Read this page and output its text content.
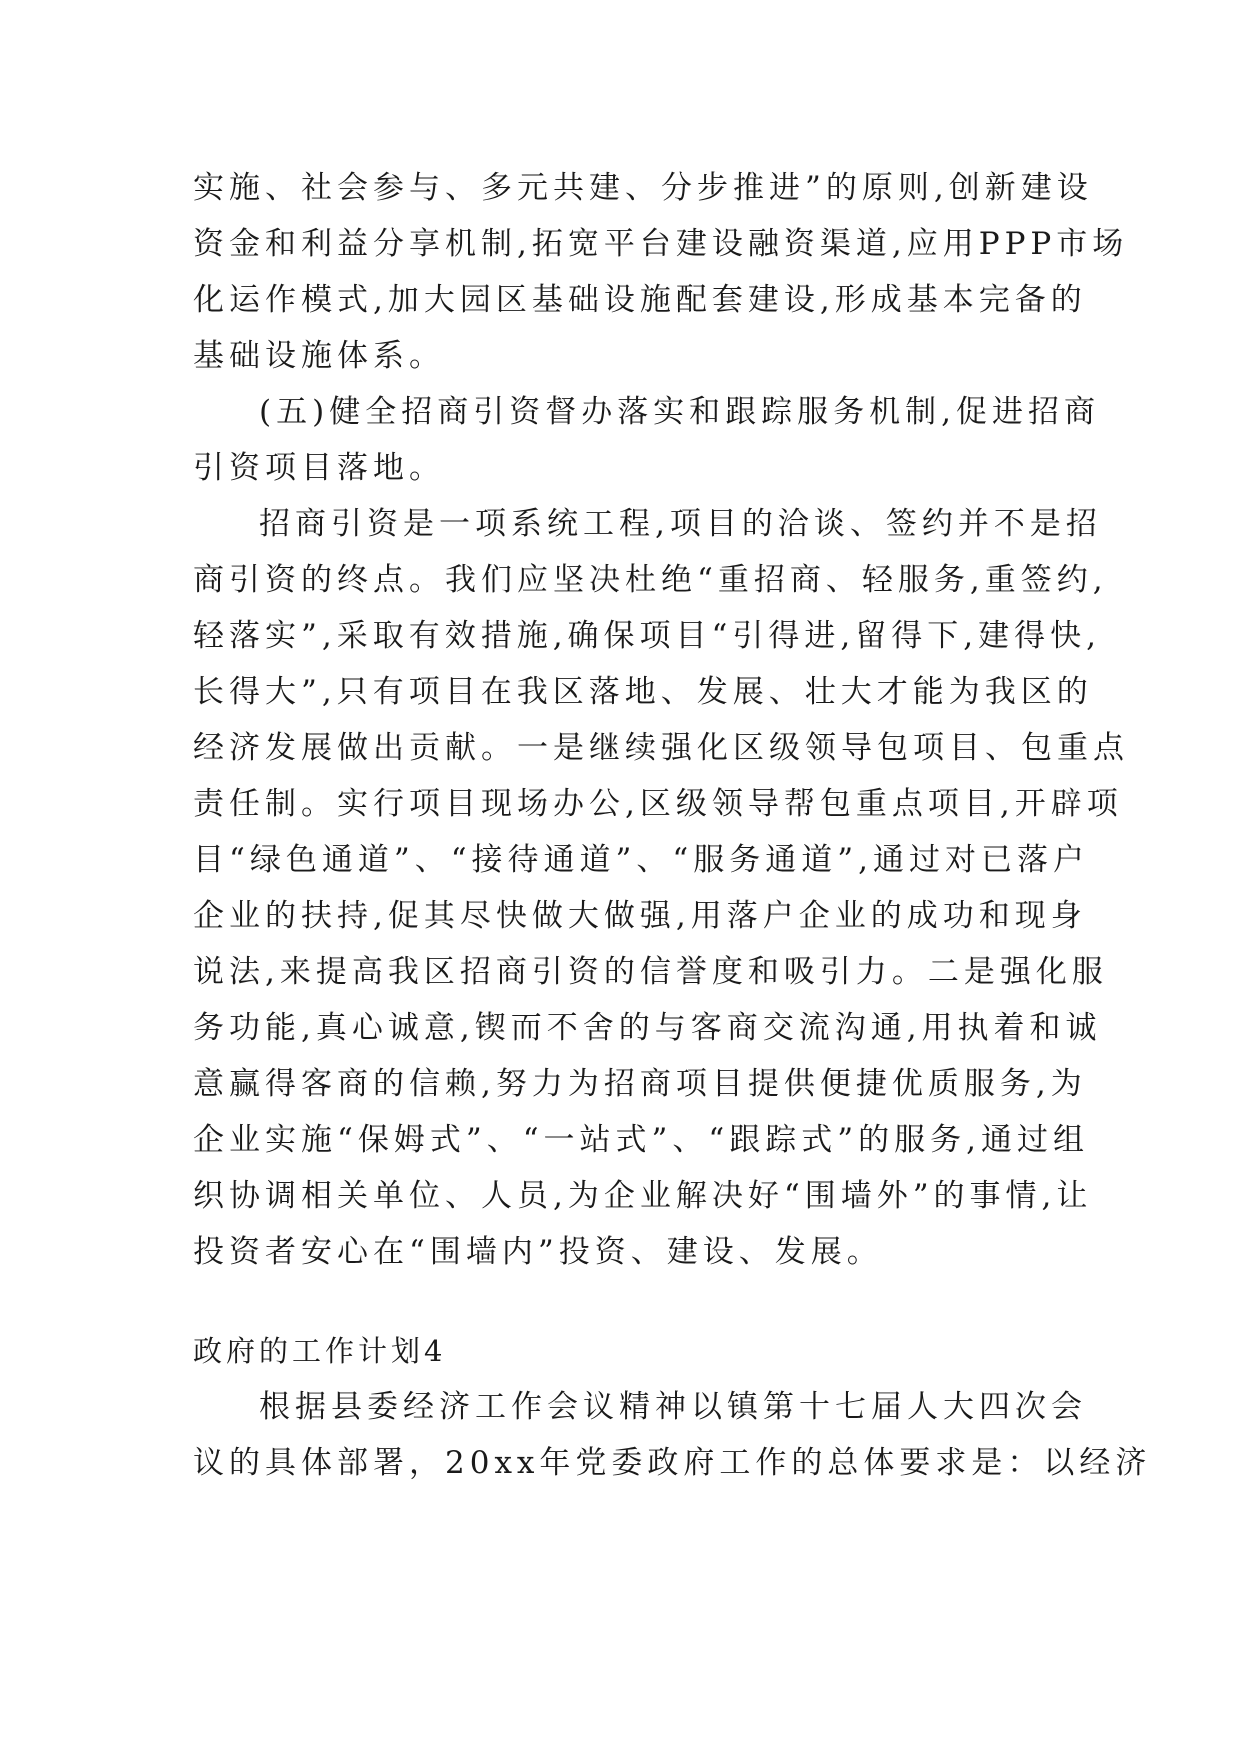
实施、社会参与、多元共建、分步推进”的原则,创新建设
资金和利益分享机制,拓宽平台建设融资渠道,应用PPP市场
化运作模式,加大园区基础设施配套建设,形成基本完备的
基础设施体系。
(五)健全招商引资督办落实和跟踪服务机制,促进招商
引资项目落地。
招商引资是一项系统工程,项目的洽谈、签约并不是招
商引资的终点。我们应坚决杜绝“重招商、轻服务,重签约,
轻落实”,采取有效措施,确保项目“引得进,留得下,建得快,
长得大”,只有项目在我区落地、发展、壮大才能为我区的
经济发展做出贡献。一是继续强化区级领导包项目、包重点
责任制。实行项目现场办公,区级领导帮包重点项目,开辟项
目“绿色通道”、“接待通道”、“服务通道”,通过对已落户
企业的扶持,促其尽快做大做强,用落户企业的成功和现身
说法,来提高我区招商引资的信誉度和吸引力。二是强化服
务功能,真心诚意,锲而不舍的与客商交流沟通,用执着和诚
意赢得客商的信赖,努力为招商项目提供便捷优质服务,为
企业实施“保姆式”、“一站式”、“跟踪式”的服务,通过组
织协调相关单位、人员,为企业解决好“围墙外”的事情,让
投资者安心在“围墙内”投资、建设、发展。
政府的工作计划4
根据县委经济工作会议精神以镇第十七届人大四次会
议的具体部署，20xx年党委政府工作的总体要求是：以经济
